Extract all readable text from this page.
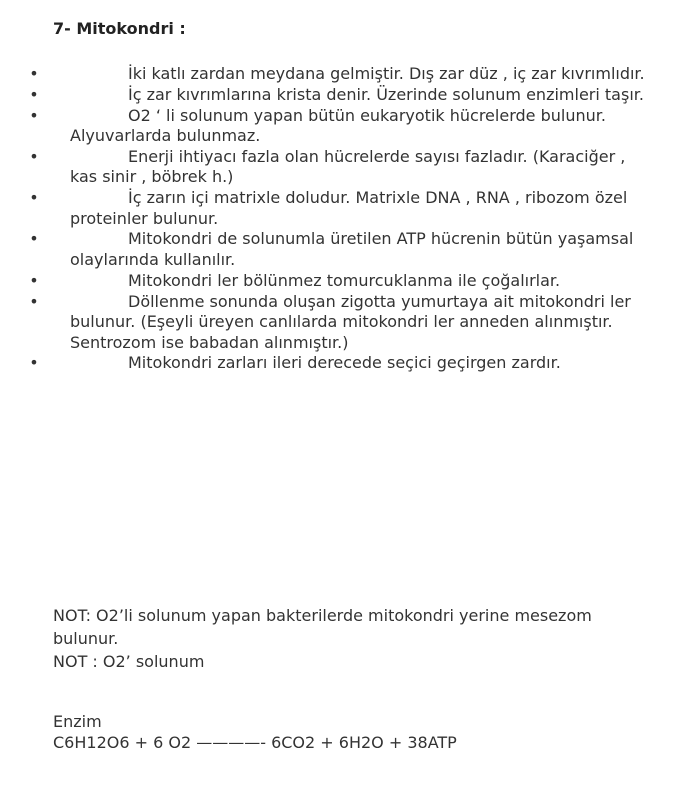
7- Mitokondri :
•	İki katlı zardan meydana gelmiştir. Dış zar düz , iç zar kıvrımlıdır.
•	İç zar kıvrımlarına krista denir. Üzerinde solunum enzimleri taşır.
•	O2 ‘ li solunum yapan bütün eukaryotik hücrelerde bulunur. Alyuvarlarda bulunmaz.
•	Enerji ihtiyacı fazla olan hücrelerde sayısı fazladır. (Karaciğer , kas sinir , böbrek h.)
•	İç zarın içi matrixle doludur. Matrixle DNA , RNA , ribozom özel proteinler bulunur.
•	Mitokondri de solunumla üretilen ATP hücrenin bütün yaşamsal olaylarında kullanılır.
•	Mitokondri ler bölünmez tomurcuklanma ile çoğalırlar.
•	Döllenme sonunda oluşan zigotta yumurtaya ait mitokondri ler bulunur. (Eşeyli üreyen canlılarda mitokondri ler anneden alınmıştır. Sentrozom ise babadan alınmıştır.)
•	Mitokondri zarları ileri derecede seçici geçirgen zardır.

NOT: O2’li solunum yapan bakterilerde mitokondri yerine mesezom bulunur.

NOT : O2’ solunum

Enzim
C6H12O6 + 6 O2 ————- 6CO2 + 6H2O + 38ATP
